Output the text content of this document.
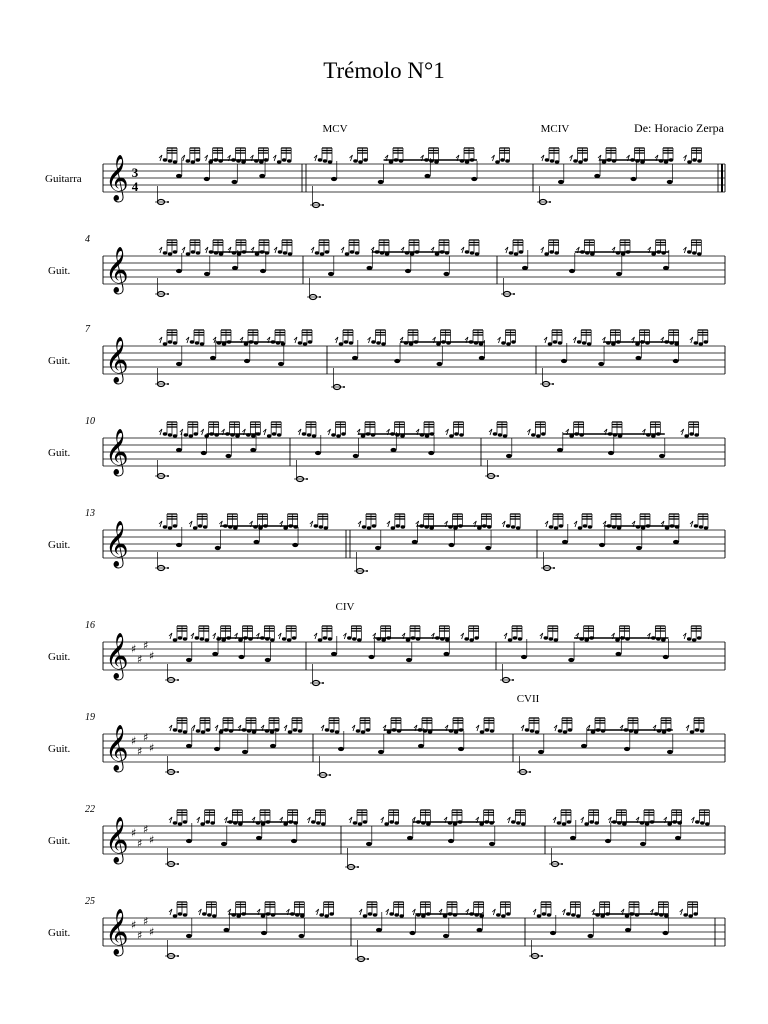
Trémolo N°1
De: Horacio Zerpa
Guitarra 𝄞 3
4
MCV	MCIV
Guit.
4
𝄞
Guit.
7
𝄞
Guit.
10
𝄞
Guit.
13
𝄞
Guit.
16
𝄞 ♯
♯
♯
♯
CIV
Guit.
19
𝄞 ♯
♯
♯
♯
CVII
Guit.
22
𝄞 ♯
♯
♯
♯
Guit.
25
𝄞 ♯
♯
♯
♯
